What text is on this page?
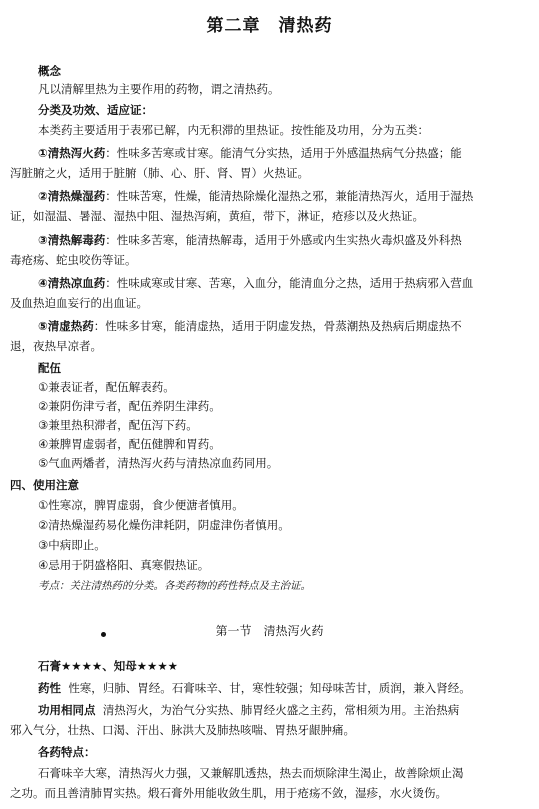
第二章　清热药
概念
凡以清解里热为主要作用的药物，谓之清热药。
分类及功效、适应证：
本类药主要适用于表邪已解，内无积滞的里热证。按性能及功用，分为五类：
①清热泻火药：性味多苦寒或甘寒。能清气分实热，适用于外感温热病气分热盛；能
泻脏腑之火，适用于脏腑（肺、心、肝、肾、胃）火热证。
②清热燥湿药：性味苦寒，性燥，能清热除燥化湿热之邪，兼能清热泻火，适用于湿热
证，如湿温、暑湿、湿热中阻、湿热泻痢，黄疸，带下，淋证，疮疹以及火热证。
③清热解毒药：性味多苦寒，能清热解毒，适用于外感或内生实热火毒炽盛及外科热
毒疮疡、蛇虫咬伤等证。
④清热凉血药：性味咸寒或甘寒、苦寒，入血分，能清血分之热，适用于热病邪入营血
及血热迫血妄行的出血证。
⑤清虚热药：性味多甘寒，能清虚热，适用于阴虚发热，骨蒸潮热及热病后期虚热不
退，夜热早凉者。
配伍
①兼表证者，配伍解表药。
②兼阴伤津亏者，配伍养阴生津药。
③兼里热积滞者，配伍泻下药。
④兼脾胃虚弱者，配伍健脾和胃药。
⑤气血两燔者，清热泻火药与清热凉血药同用。
四、使用注意
①性寒凉，脾胃虚弱，食少便溏者慎用。
②清热燥湿药易化燥伤津耗阴，阴虚津伤者慎用。
③中病即止。
④忌用于阴盛格阳、真寒假热证。
考点：关注清热药的分类。各类药物的药性特点及主治证。
第一节　清热泻火药
石膏★★★★、知母★★★★
药性 性寒，归肺、胃经。石膏味辛、甘，寒性较强；知母味苦甘，质润，兼入肾经。
功用相同点 清热泻火，为治气分实热、肺胃经火盛之主药，常相须为用。主治热病
邪入气分，壮热、口渴、汗出、脉洪大及肺热咳喘、胃热牙龈肿痛。
各药特点：
石膏味辛大寒，清热泻火力强，又兼解肌透热，热去而烦除津生渴止，故善除烦止渴
之功。而且善清肺胃实热。煅石膏外用能收敛生肌，用于疮疡不敛，湿疹，水火烫伤。
